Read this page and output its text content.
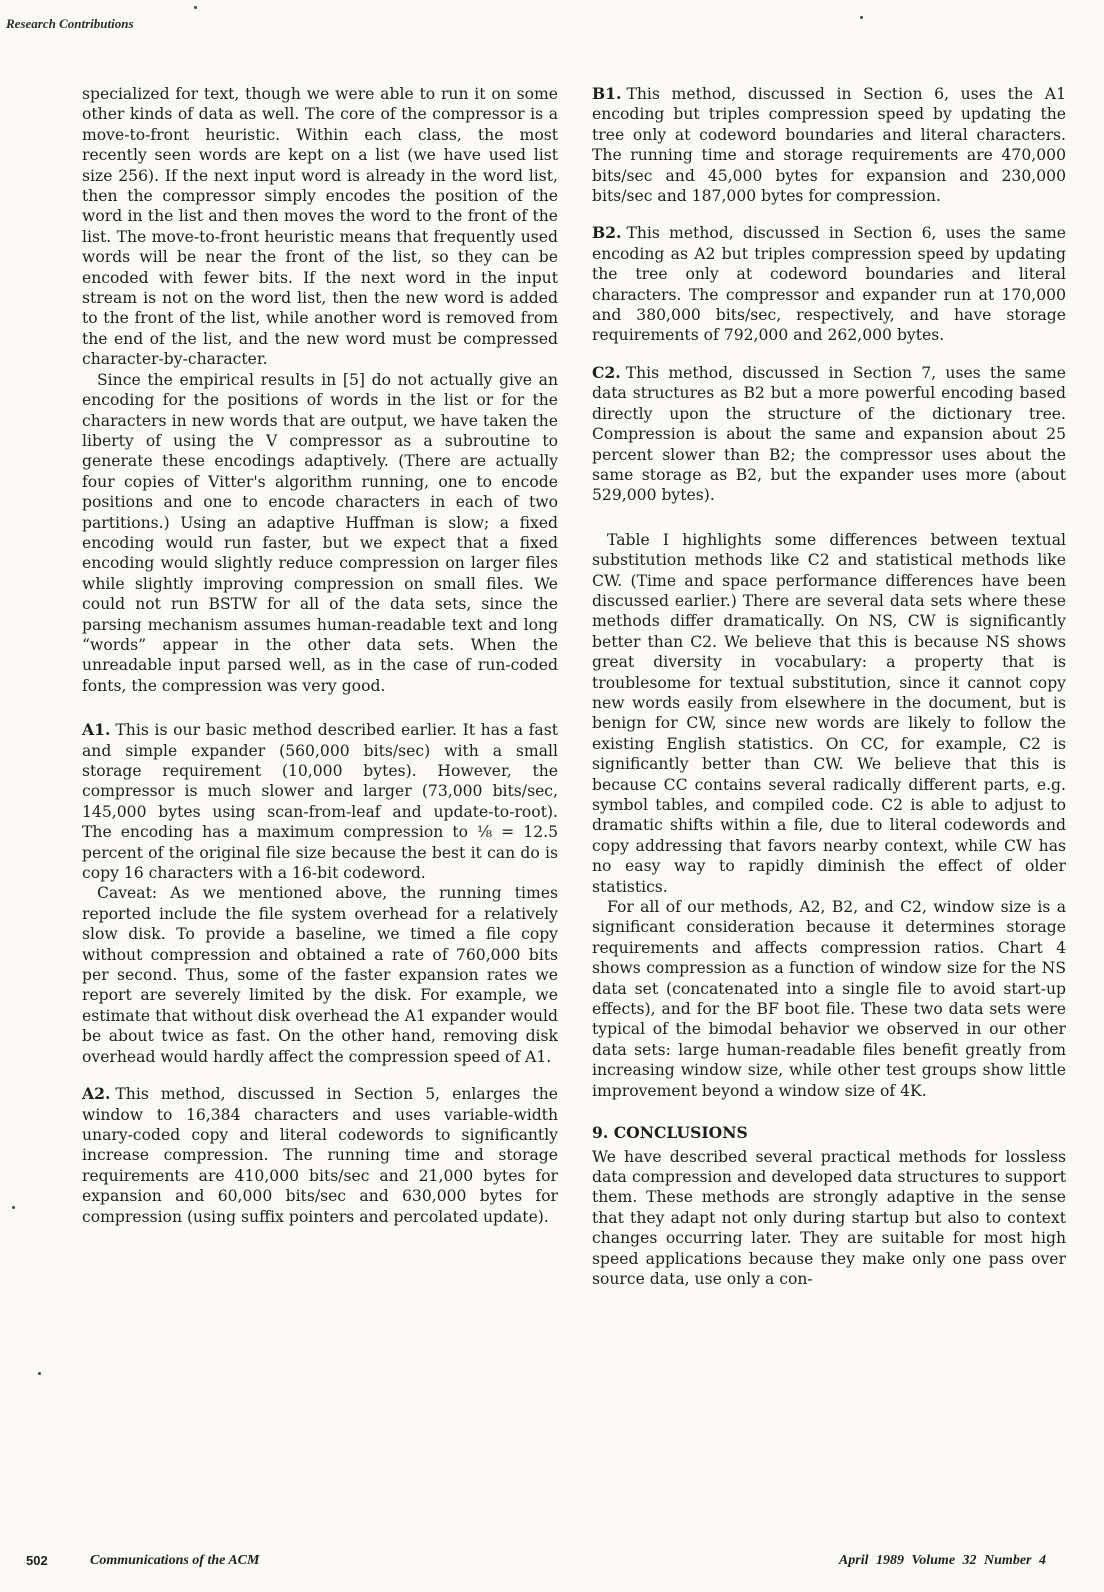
Research Contributions

specialized for text, though we were able to run it on some other kinds of data as well. The core of the compressor is a move-to-front heuristic. Within each class, the most recently seen words are kept on a list (we have used list size 256). If the next input word is already in the word list, then the compressor simply encodes the position of the word in the list and then moves the word to the front of the list. The move-to-front heuristic means that frequently used words will be near the front of the list, so they can be encoded with fewer bits. If the next word in the input stream is not on the word list, then the new word is added to the front of the list, while another word is removed from the end of the list, and the new word must be compressed character-by-character.

Since the empirical results in [5] do not actually give an encoding for the positions of words in the list or for the characters in new words that are output, we have taken the liberty of using the V compressor as a subroutine to generate these encodings adaptively. (There are actually four copies of Vitter's algorithm running, one to encode positions and one to encode characters in each of two partitions.) Using an adaptive Huffman is slow; a fixed encoding would run faster, but we expect that a fixed encoding would slightly reduce compression on larger files while slightly improving compression on small files. We could not run BSTW for all of the data sets, since the parsing mechanism assumes human-readable text and long “words” appear in the other data sets. When the unreadable input parsed well, as in the case of run-coded fonts, the compression was very good.

A1. This is our basic method described earlier. It has a fast and simple expander (560,000 bits/sec) with a small storage requirement (10,000 bytes). However, the compressor is much slower and larger (73,000 bits/sec, 145,000 bytes using scan-from-leaf and update-to-root). The encoding has a maximum compression to ⅛ = 12.5 percent of the original file size because the best it can do is copy 16 characters with a 16-bit codeword.

Caveat: As we mentioned above, the running times reported include the file system overhead for a relatively slow disk. To provide a baseline, we timed a file copy without compression and obtained a rate of 760,000 bits per second. Thus, some of the faster expansion rates we report are severely limited by the disk. For example, we estimate that without disk overhead the A1 expander would be about twice as fast. On the other hand, removing disk overhead would hardly affect the compression speed of A1.

A2. This method, discussed in Section 5, enlarges the window to 16,384 characters and uses variable-width unary-coded copy and literal codewords to significantly increase compression. The running time and storage requirements are 410,000 bits/sec and 21,000 bytes for expansion and 60,000 bits/sec and 630,000 bytes for compression (using suffix pointers and percolated update).

B1. This method, discussed in Section 6, uses the A1 encoding but triples compression speed by updating the tree only at codeword boundaries and literal characters. The running time and storage requirements are 470,000 bits/sec and 45,000 bytes for expansion and 230,000 bits/sec and 187,000 bytes for compression.

B2. This method, discussed in Section 6, uses the same encoding as A2 but triples compression speed by updating the tree only at codeword boundaries and literal characters. The compressor and expander run at 170,000 and 380,000 bits/sec, respectively, and have storage requirements of 792,000 and 262,000 bytes.

C2. This method, discussed in Section 7, uses the same data structures as B2 but a more powerful encoding based directly upon the structure of the dictionary tree. Compression is about the same and expansion about 25 percent slower than B2; the compressor uses about the same storage as B2, but the expander uses more (about 529,000 bytes).

Table I highlights some differences between textual substitution methods like C2 and statistical methods like CW. (Time and space performance differences have been discussed earlier.) There are several data sets where these methods differ dramatically. On NS, CW is significantly better than C2. We believe that this is because NS shows great diversity in vocabulary: a property that is troublesome for textual substitution, since it cannot copy new words easily from elsewhere in the document, but is benign for CW, since new words are likely to follow the existing English statistics. On CC, for example, C2 is significantly better than CW. We believe that this is because CC contains several radically different parts, e.g. symbol tables, and compiled code. C2 is able to adjust to dramatic shifts within a file, due to literal codewords and copy addressing that favors nearby context, while CW has no easy way to rapidly diminish the effect of older statistics.

For all of our methods, A2, B2, and C2, window size is a significant consideration because it determines storage requirements and affects compression ratios. Chart 4 shows compression as a function of window size for the NS data set (concatenated into a single file to avoid start-up effects), and for the BF boot file. These two data sets were typical of the bimodal behavior we observed in our other data sets: large human-readable files benefit greatly from increasing window size, while other test groups show little improvement beyond a window size of 4K.

9. CONCLUSIONS

We have described several practical methods for lossless data compression and developed data structures to support them. These methods are strongly adaptive in the sense that they adapt not only during startup but also to context changes occurring later. They are suitable for most high speed applications because they make only one pass over source data, use only a con-

502	Communications of the ACM	April 1989 Volume 32 Number 4
